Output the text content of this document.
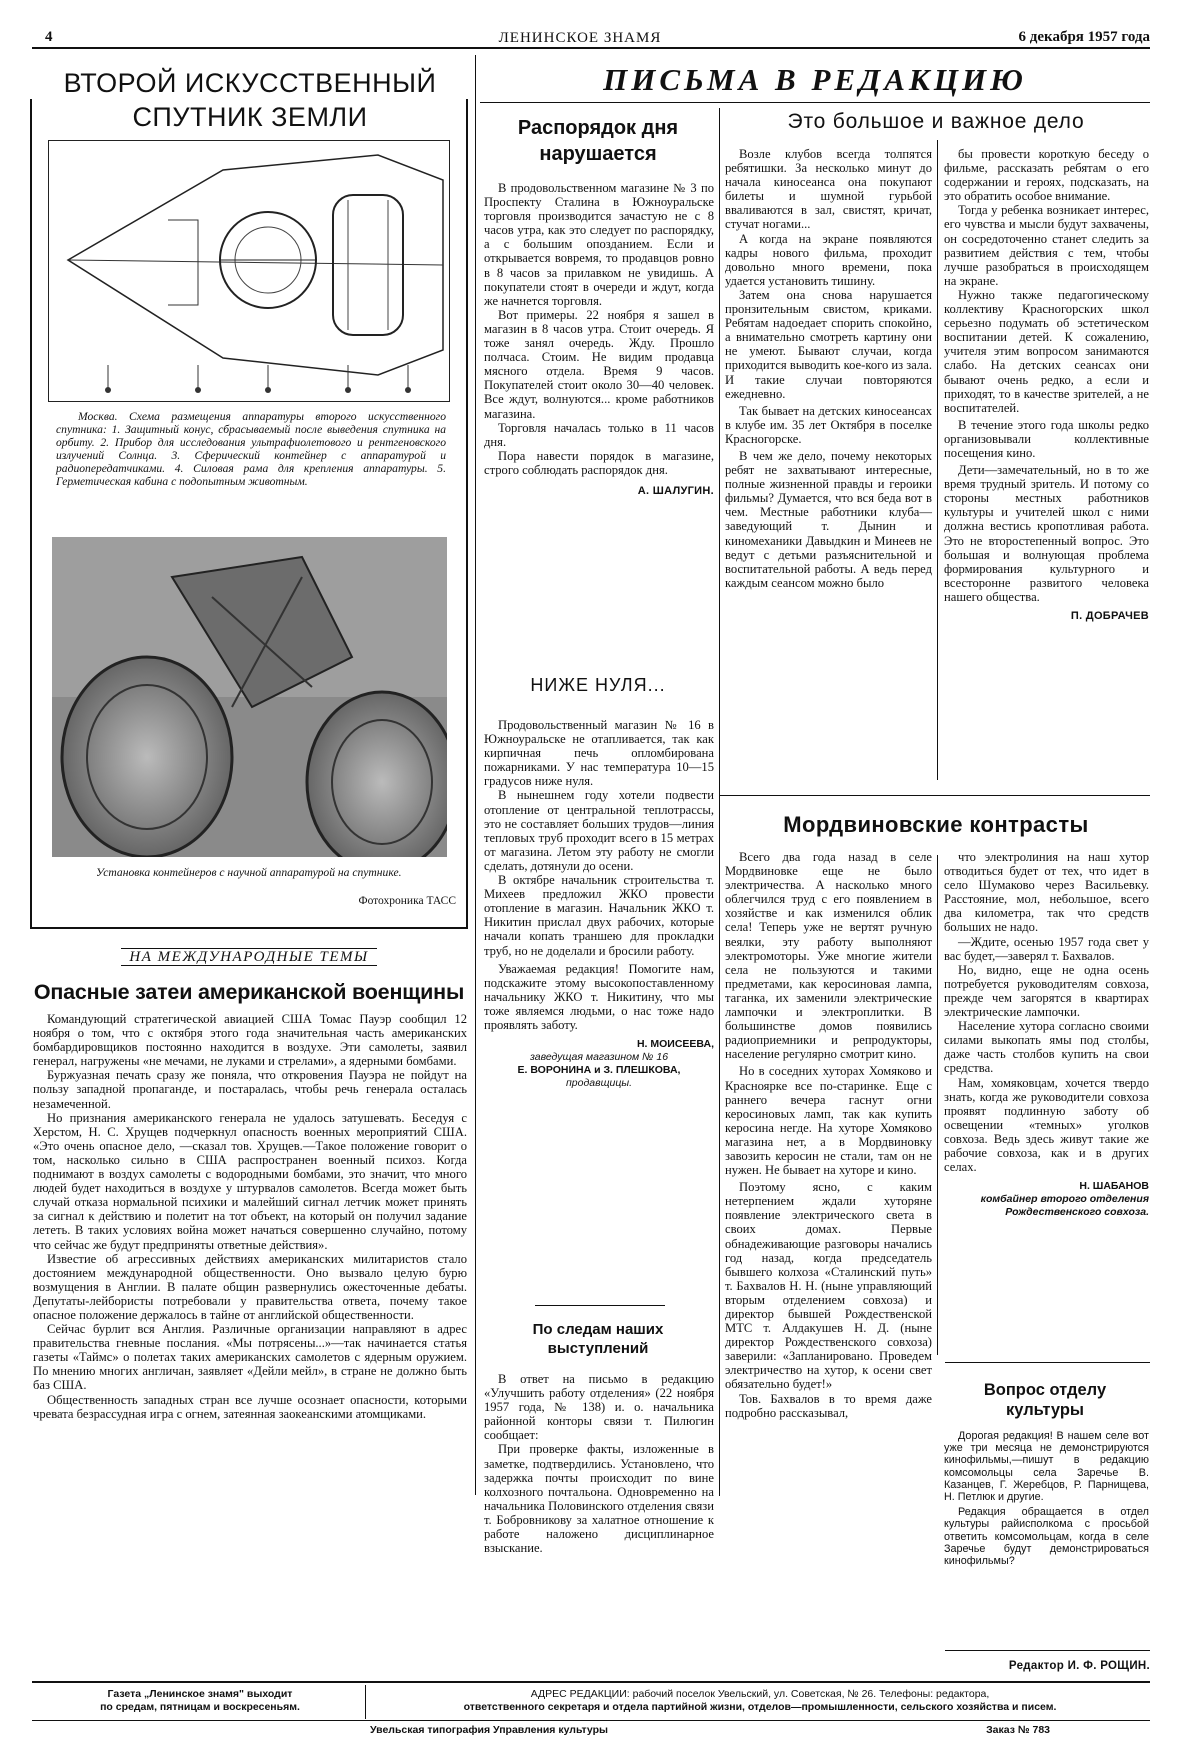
4	ЛЕНИНСКОЕ ЗНАМЯ	6 декабря 1957 года
ВТОРОЙ ИСКУССТВЕННЫЙ
СПУТНИК ЗЕМЛИ
Москва. Схема размещения аппаратуры второго искусственного спутника: 1. Защитный конус, сбрасываемый после выведения спутника на орбиту. 2. Прибор для исследования ультрафиолетового и рентгеновского излучений Солнца. 3. Сферический контейнер с аппаратурой и радиопередатчиками. 4. Силовая рама для крепления аппаратуры. 5. Герметическая кабина с подопытным животным.
Установка контейнеров с научной аппаратурой на спутнике.
Фотохроника ТАСС
НА МЕЖДУНАРОДНЫЕ ТЕМЫ
Опасные затеи американской военщины

Командующий стратегической авиацией США Томас Пауэр сообщил 12 ноября о том, что с октября этого года значительная часть американских бомбардировщиков постоянно находится в воздухе. Эти самолеты, заявил генерал, нагружены «не мечами, не луками и стрелами», а ядерными бомбами.

Буржуазная печать сразу же поняла, что откровения Пауэра не пойдут на пользу западной пропаганде, и постаралась, чтобы речь генерала осталась незамеченной.

Но признания американского генерала не удалось затушевать. Беседуя с Херстом, Н. С. Хрущев подчеркнул опасность военных мероприятий США. «Это очень опасное дело, —сказал тов. Хрущев.—Такое положение говорит о том, насколько сильно в США распространен военный психоз. Когда поднимают в воздух самолеты с водородными бомбами, это значит, что много людей будет находиться в воздухе у штурвалов самолетов. Всегда может быть случай отказа нормальной психики и малейший сигнал летчик может принять за сигнал к действию и полетит на тот объект, на который он получил задание лететь. В таких условиях война может начаться совершенно случайно, потому что сейчас же будут предприняты ответные действия».

Известие об агрессивных действиях американских милитаристов стало достоянием международной общественности. Оно вызвало целую бурю возмущения в Англии. В палате общин развернулись ожесточенные дебаты. Депутаты-лейбористы потребовали у правительства ответа, почему такое опасное положение держалось в тайне от английской общественности.

Сейчас бурлит вся Англия. Различные организации направляют в адрес правительства гневные послания. «Мы потрясены...»—так начинается статья газеты «Таймс» о полетах таких американских самолетов с ядерным оружием. По мнению многих англичан, заявляет «Дейли мейл», в стране не должно быть баз США.

Общественность западных стран все лучше осознает опасности, которыми чревата безрассудная игра с огнем, затеянная заокеанскими атомщиками.

ПИСЬМА В РЕДАКЦИЮ
Распорядок дня
нарушается

В продовольственном магазине № 3 по Проспекту Сталина в Южноуральске торговля производится зачастую не с 8 часов утра, как это следует по распорядку, а с большим опозданием. Если и открывается вовремя, то продавцов ровно в 8 часов за прилавком не увидишь. А покупатели стоят в очереди и ждут, когда же начнется торговля.

Вот примеры. 22 ноября я зашел в магазин в 8 часов утра. Стоит очередь. Я тоже занял очередь. Жду. Прошло полчаса. Стоим. Не видим продавца мясного отдела. Время 9 часов. Покупателей стоит около 30—40 человек. Все ждут, волнуются... кроме работников магазина.

Торговля началась только в 11 часов дня.

Пора навести порядок в магазине, строго соблюдать распорядок дня.

А. ШАЛУГИН.
НИЖЕ НУЛЯ...

Продовольственный магазин № 16 в Южноуральске не отапливается, так как кирпичная печь опломбирована пожарниками. У нас температура 10—15 градусов ниже нуля.

В нынешнем году хотели подвести отопление от центральной теплотрассы, это не составляет больших трудов—линия тепловых труб проходит всего в 15 метрах от магазина. Летом эту работу не смогли сделать, дотянули до осени.

В октябре начальник строительства т. Михеев предложил ЖКО провести отопление в магазин. Начальник ЖКО т. Никитин прислал двух рабочих, которые начали копать траншею для прокладки труб, но не доделали и бросили работу.

Уважаемая редакция! Помогите нам, подскажите этому высокопоставленному начальнику ЖКО т. Никитину, что мы тоже являемся людьми, о нас тоже надо проявлять заботу.

Н. МОИСЕЕВА,
заведущая магазином № 16
Е. ВОРОНИНА и З. ПЛЕШКОВА,
продавщицы.
По следам наших
выступлений

В ответ на письмо в редакцию «Улучшить работу отделения» (22 ноября 1957 года, № 138) и. о. начальника районной конторы связи т. Пилюгин сообщает:

При проверке факты, изложенные в заметке, подтвердились. Установлено, что задержка почты происходит по вине колхозного почтальона. Одновременно на начальника Половинского отделения связи т. Бобровникову за халатное отношение к работе наложено дисциплинарное взыскание.

Это большое и важное дело

Возле клубов всегда толпятся ребятишки. За несколько минут до начала киносеанса она покупают билеты и шумной гурьбой вваливаются в зал, свистят, кричат, стучат ногами...

А когда на экране появляются кадры нового фильма, проходит довольно много времени, пока удается установить тишину.

Затем она снова нарушается пронзительным свистом, криками. Ребятам надоедает спорить спокойно, а внимательно смотреть картину они не умеют. Бывают случаи, когда приходится выводить кое-кого из зала. И такие случаи повторяются ежедневно.

Так бывает на детских киносеансах в клубе им. 35 лет Октября в поселке Красногорске.

В чем же дело, почему некоторых ребят не захватывают интересные, полные жизненной правды и героики фильмы? Думается, что вся беда вот в чем. Местные работники клуба—заведующий т. Дынин и киномеханики Давыдкин и Минеев не ведут с детьми разъяснительной и воспитательной работы. А ведь перед каждым сеансом можно было

бы провести короткую беседу о фильме, рассказать ребятам о его содержании и героях, подсказать, на это обратить особое внимание.

Тогда у ребенка возникает интерес, его чувства и мысли будут захвачены, он сосредоточенно станет следить за развитием действия с тем, чтобы лучше разобраться в происходящем на экране.

Нужно также педагогическому коллективу Красногорских школ серьезно подумать об эстетическом воспитании детей. К сожалению, учителя этим вопросом занимаются слабо. На детских сеансах они бывают очень редко, а если и приходят, то в качестве зрителей, а не воспитателей.

В течение этого года школы редко организовывали коллективные посещения кино.

Дети—замечательный, но в то же время трудный зритель. И потому со стороны местных работников культуры и учителей школ с ними должна вестись кропотливая работа. Это не второстепенный вопрос. Это большая и волнующая проблема формирования культурного и всесторонне развитого человека нашего общества.

П. ДОБРАЧЕВ
Мордвиновские контрасты

Всего два года назад в селе Мордвиновке еще не было электричества. А насколько много облегчился труд с его появлением в хозяйстве и как изменился облик села! Теперь уже не вертят ручную веялки, эту работу выполняют электромоторы. Уже многие жители села не пользуются и такими предметами, как керосиновая лампа, таганка, их заменили электрические лампочки и электроплитки. В большинстве домов появились радиоприемники и репродукторы, население регулярно смотрит кино.

Но в соседних хуторах Хомяково и Красноярке все по-старинке. Еще с раннего вечера гаснут огни керосиновых ламп, так как купить керосина негде. На хуторе Хомяково магазина нет, а в Мордвиновку завозить керосин не стали, там он не нужен. Не бывает на хуторе и кино.

Поэтому ясно, с каким нетерпением ждали хуторяне появление электрического света в своих домах. Первые обнадеживающие разговоры начались год назад, когда председатель бывшего колхоза «Сталинский путь» т. Бахвалов Н. Н. (ныне управляющий вторым отделением совхоза) и директор бывшей Рождественской МТС т. Алдакушев Н. Д. (ныне директор Рождественского совхоза) заверили: «Запланировано. Проведем электричество на хутор, к осени свет обязательно будет!»

Тов. Бахвалов в то время даже подробно рассказывал,

что электролиния на наш хутор отводиться будет от тех, что идет в село Шумаково через Васильевку. Расстояние, мол, небольшое, всего два километра, так что средств больших не надо.

—Ждите, осенью 1957 года свет у вас будет,—заверял т. Бахвалов.

Но, видно, еще не одна осень потребуется руководителям совхоза, прежде чем загорятся в квартирах электрические лампочки.

Население хутора согласно своими силами выкопать ямы под столбы, даже часть столбов купить на свои средства.

Нам, хомяковцам, хочется твердо знать, когда же руководители совхоза проявят подлинную заботу об освещении «темных» уголков совхоза. Ведь здесь живут такие же рабочие совхоза, как и в других селах.

Н. ШАБАНОВ
комбайнер второго отделения
Рождественского совхоза.
Вопрос отделу
культуры

Дорогая редакция! В нашем селе вот уже три месяца не демонстрируются кинофильмы,—пишут в редакцию комсомольцы села Заречье В. Казанцев, Г. Жеребцов, Р. Парнищева, Н. Петлюк и другие.

Редакция обращается в отдел культуры райисполкома с просьбой ответить комсомольцам, когда в селе Заречье будут демонстрироваться кинофильмы?

Редактор И. Ф. РОЩИН.
Газета „Ленинское знамя" выходит
по средам, пятницам и воскресеньям.
АДРЕС РЕДАКЦИИ: рабочий поселок Увельский, ул. Советская, № 26. Телефоны: редактора,
ответственного секретаря и отдела партийной жизни, отделов—промышленности, сельского хозяйства и писем.
Увельская типография Управления культуры	Заказ № 783
